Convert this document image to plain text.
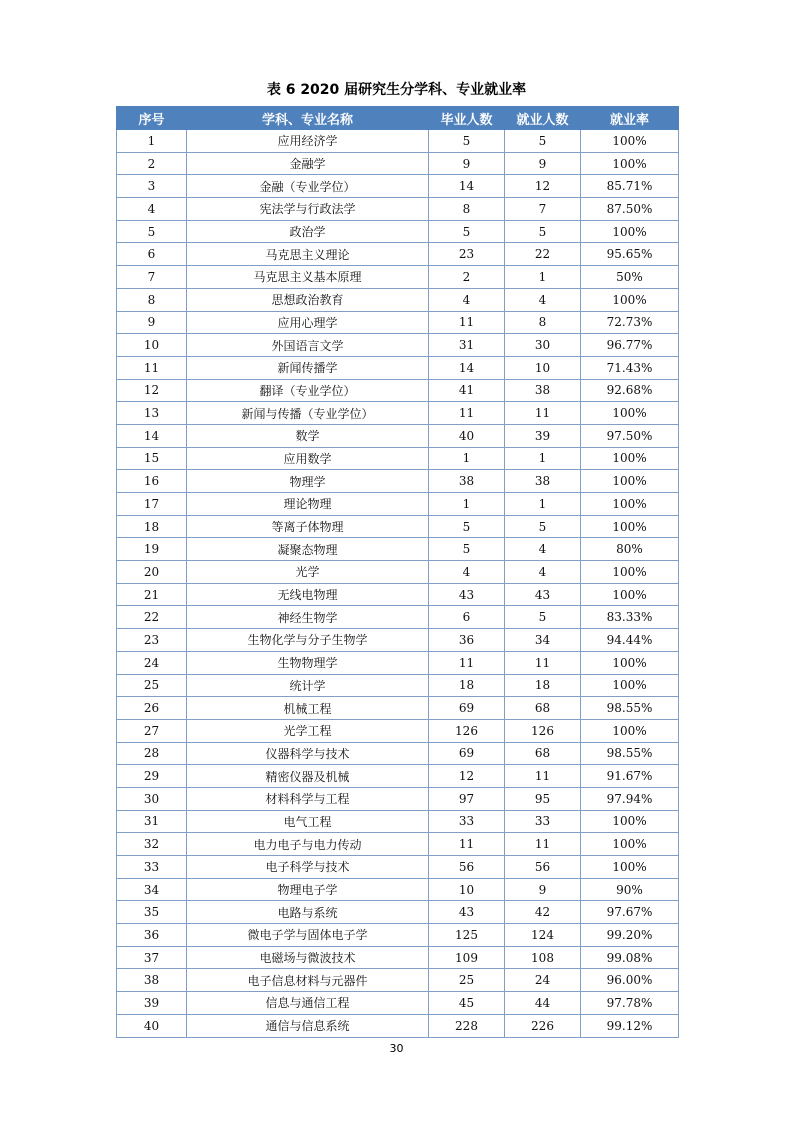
表 6 2020 届研究生分学科、专业就业率
序号	学科、专业名称	毕业人数	就业人数	就业率
1	应用经济学	5	5	100%
2	金融学	9	9	100%
3	金融（专业学位）	14	12	85.71%
4	宪法学与行政法学	8	7	87.50%
5	政治学	5	5	100%
6	马克思主义理论	23	22	95.65%
7	马克思主义基本原理	2	1	50%
8	思想政治教育	4	4	100%
9	应用心理学	11	8	72.73%
10	外国语言文学	31	30	96.77%
11	新闻传播学	14	10	71.43%
12	翻译（专业学位）	41	38	92.68%
13	新闻与传播（专业学位）	11	11	100%
14	数学	40	39	97.50%
15	应用数学	1	1	100%
16	物理学	38	38	100%
17	理论物理	1	1	100%
18	等离子体物理	5	5	100%
19	凝聚态物理	5	4	80%
20	光学	4	4	100%
21	无线电物理	43	43	100%
22	神经生物学	6	5	83.33%
23	生物化学与分子生物学	36	34	94.44%
24	生物物理学	11	11	100%
25	统计学	18	18	100%
26	机械工程	69	68	98.55%
27	光学工程	126	126	100%
28	仪器科学与技术	69	68	98.55%
29	精密仪器及机械	12	11	91.67%
30	材料科学与工程	97	95	97.94%
31	电气工程	33	33	100%
32	电力电子与电力传动	11	11	100%
33	电子科学与技术	56	56	100%
34	物理电子学	10	9	90%
35	电路与系统	43	42	97.67%
36	微电子学与固体电子学	125	124	99.20%
37	电磁场与微波技术	109	108	99.08%
38	电子信息材料与元器件	25	24	96.00%
39	信息与通信工程	45	44	97.78%
40	通信与信息系统	228	226	99.12%
30
